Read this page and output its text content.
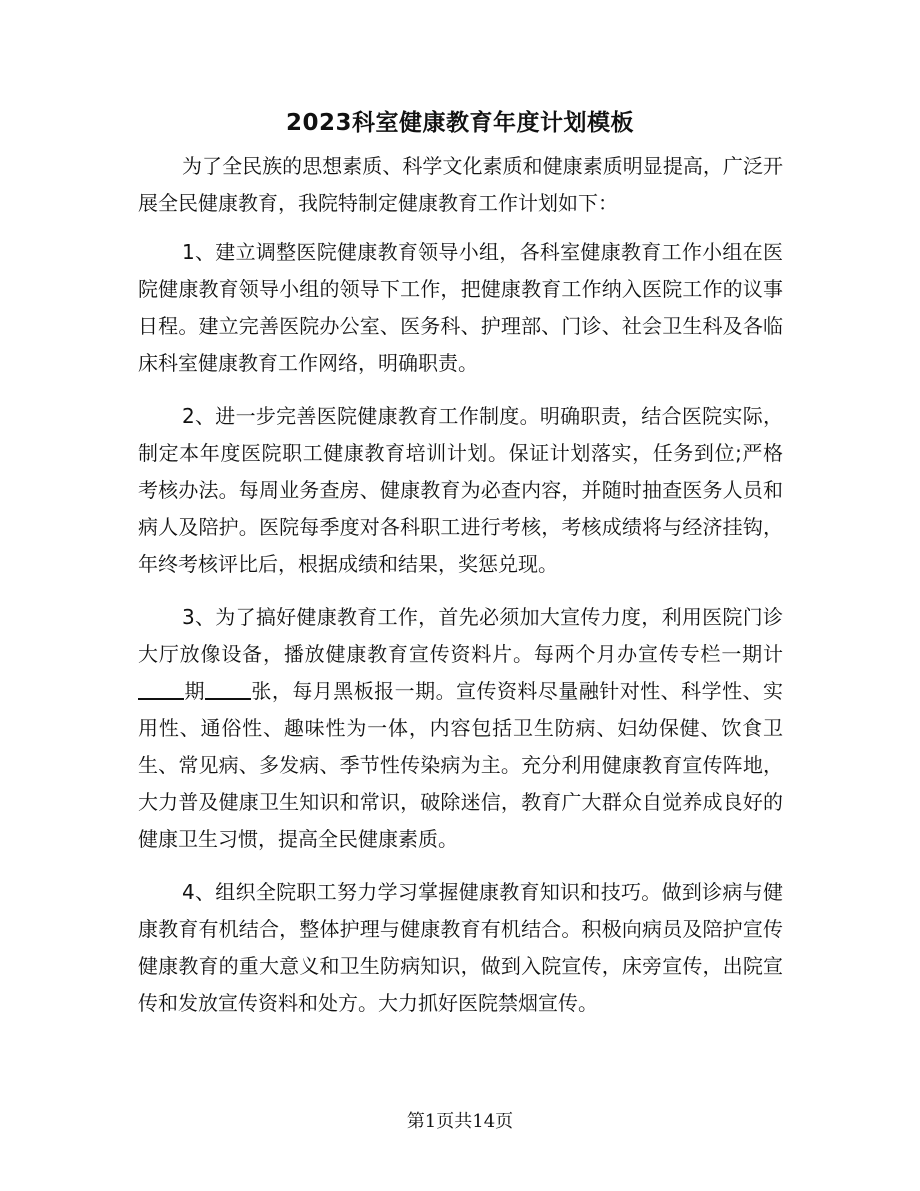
2023科室健康教育年度计划模板

为了全民族的思想素质、科学文化素质和健康素质明显提高，广泛开展全民健康教育，我院特制定健康教育工作计划如下：

1、建立调整医院健康教育领导小组，各科室健康教育工作小组在医院健康教育领导小组的领导下工作，把健康教育工作纳入医院工作的议事日程。建立完善医院办公室、医务科、护理部、门诊、社会卫生科及各临床科室健康教育工作网络，明确职责。

2、进一步完善医院健康教育工作制度。明确职责，结合医院实际，制定本年度医院职工健康教育培训计划。保证计划落实，任务到位;严格考核办法。每周业务查房、健康教育为必查内容，并随时抽查医务人员和病人及陪护。医院每季度对各科职工进行考核，考核成绩将与经济挂钩，年终考核评比后，根据成绩和结果，奖惩兑现。

3、为了搞好健康教育工作，首先必须加大宣传力度，利用医院门诊大厅放像设备，播放健康教育宣传资料片。每两个月办宣传专栏一期计期 张，每月黑板报一期。宣传资料尽量融针对性、科学性、实用性、通俗性、趣味性为一体，内容包括卫生防病、妇幼保健、饮食卫生、常见病、多发病、季节性传染病为主。充分利用健康教育宣传阵地，大力普及健康卫生知识和常识，破除迷信，教育广大群众自觉养成良好的健康卫生习惯，提高全民健康素质。

4、组织全院职工努力学习掌握健康教育知识和技巧。做到诊病与健康教育有机结合，整体护理与健康教育有机结合。积极向病员及陪护宣传健康教育的重大意义和卫生防病知识，做到入院宣传，床旁宣传，出院宣传和发放宣传资料和处方。大力抓好医院禁烟宣传。

第1页共14页
